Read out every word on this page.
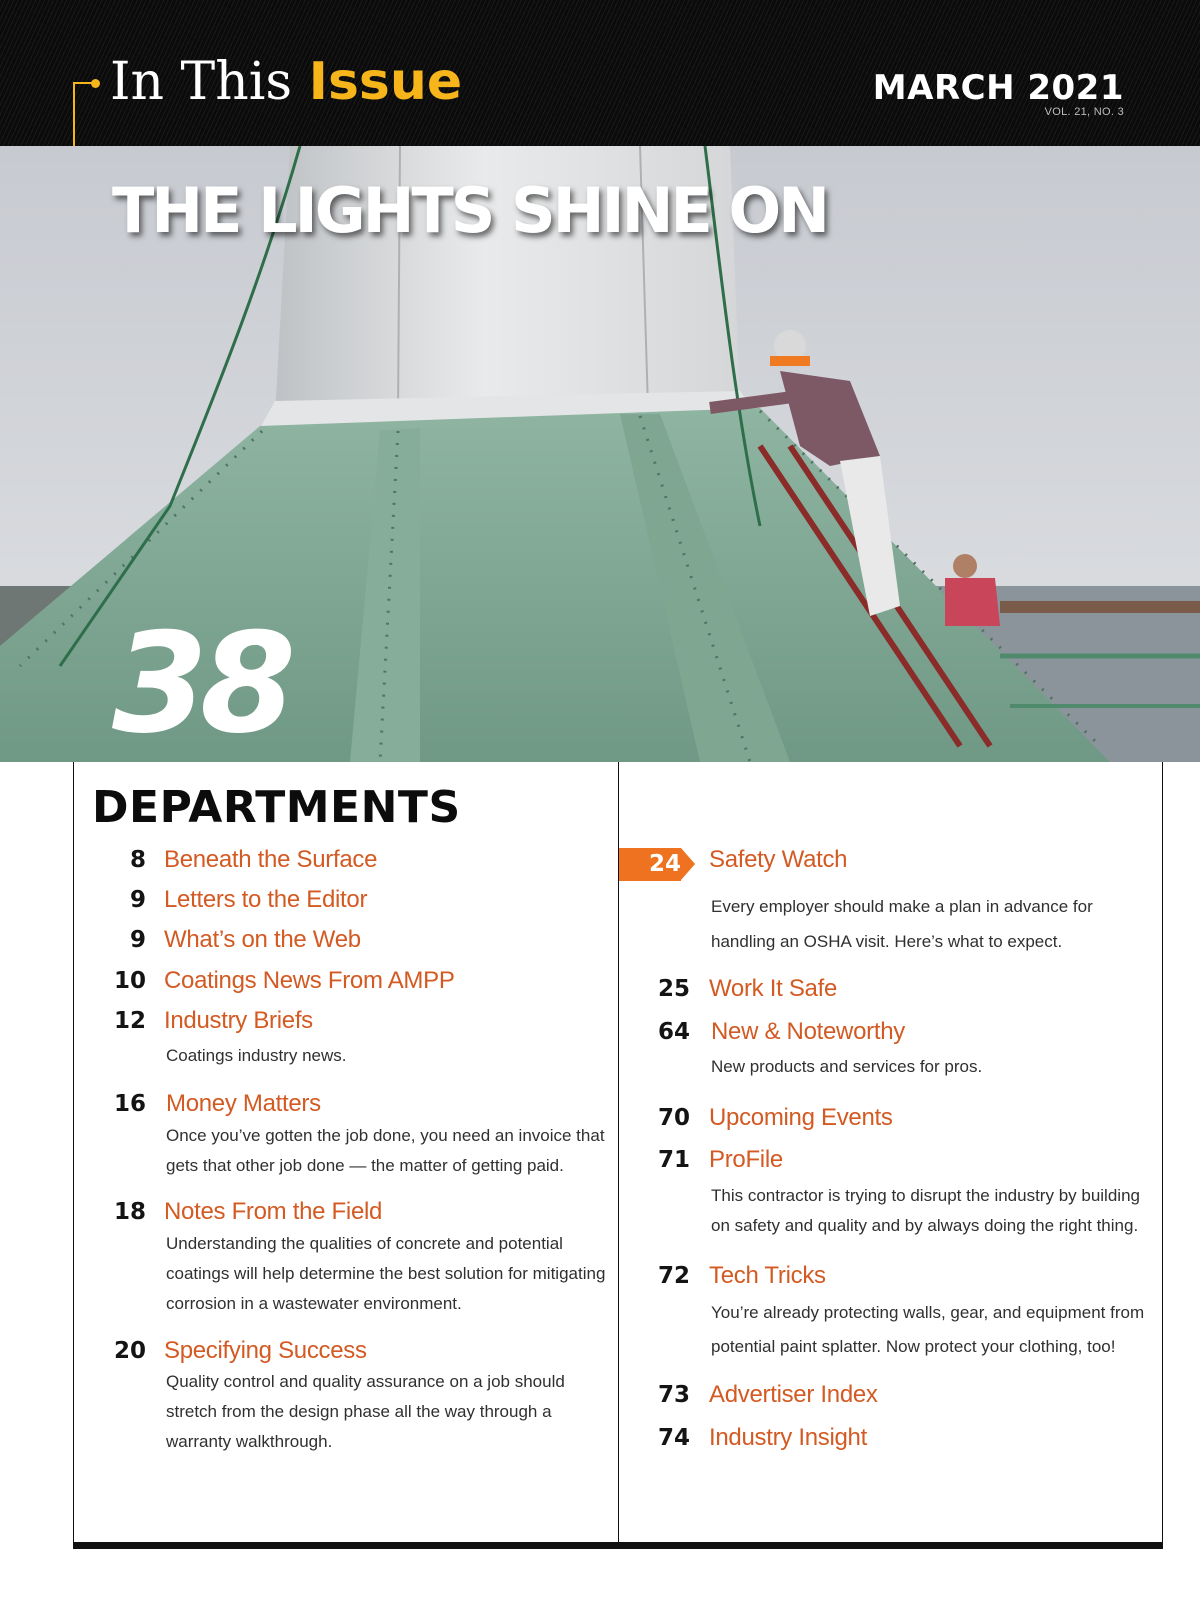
In This Issue	MARCH 2021
VOL. 21, NO. 3
THE LIGHTS SHINE ON
38
DEPARTMENTS
8 Beneath the Surface
9 Letters to the Editor
9 What’s on the Web
10 Coatings News From AMPP
12 Industry Briefs
Coatings industry news.
16 Money Matters
Once you’ve gotten the job done, you need an invoice that gets that other job done — the matter of getting paid.
18 Notes From the Field
Understanding the qualities of concrete and potential coatings will help determine the best solution for mitigating corrosion in a wastewater environment.
20 Specifying Success
Quality control and quality assurance on a job should stretch from the design phase all the way through a warranty walkthrough.
24 Safety Watch
Every employer should make a plan in advance for handling an OSHA visit. Here’s what to expect.
25 Work It Safe
64 New & Noteworthy
New products and services for pros.
70 Upcoming Events
71 ProFile
This contractor is trying to disrupt the industry by building on safety and quality and by always doing the right thing.
72 Tech Tricks
You’re already protecting walls, gear, and equipment from potential paint splatter. Now protect your clothing, too!
73 Advertiser Index
74 Industry Insight
